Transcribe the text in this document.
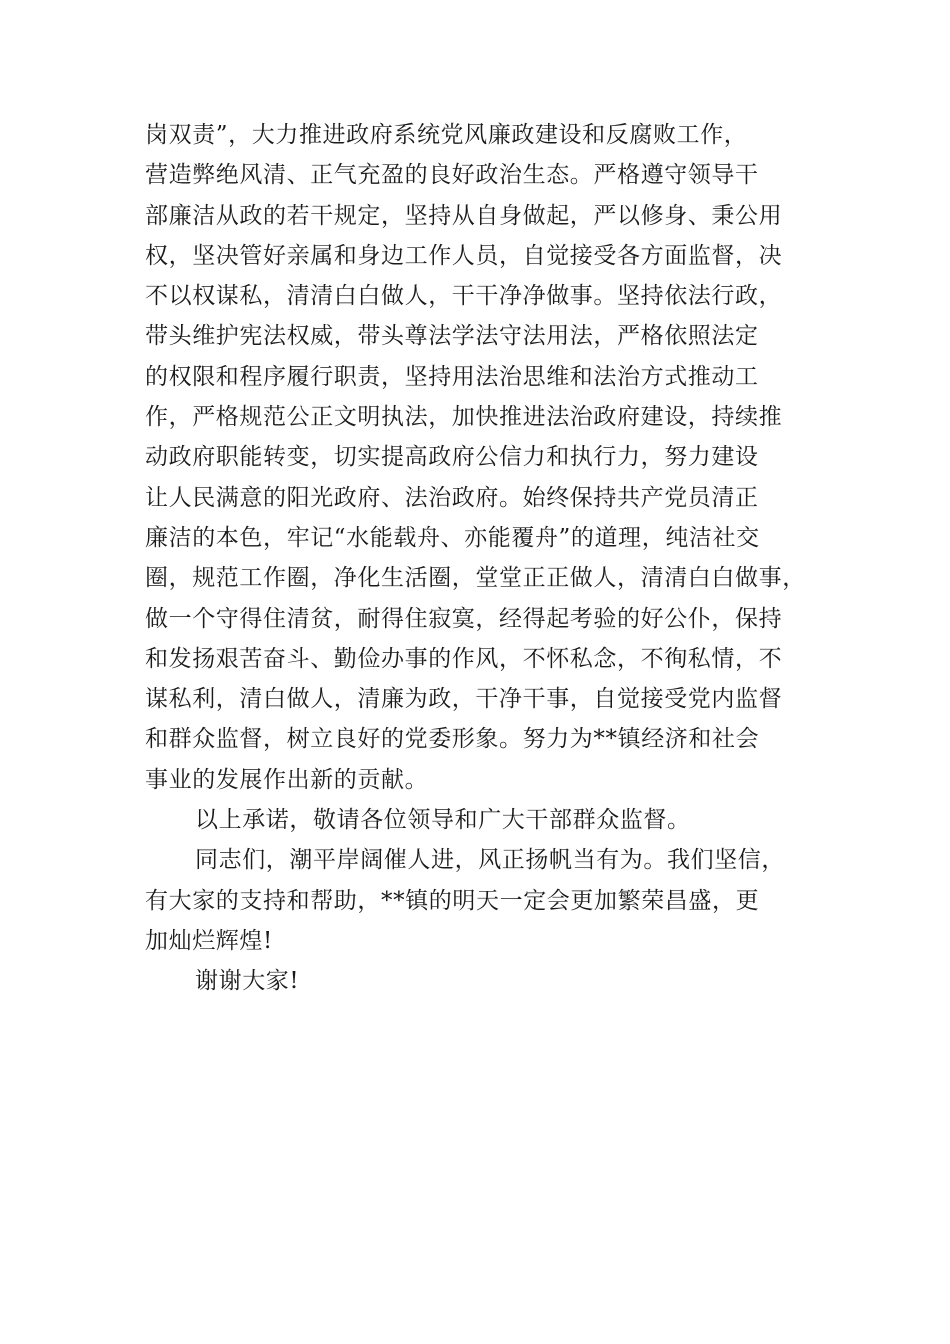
岗双责”，大力推进政府系统党风廉政建设和反腐败工作，
营造弊绝风清、正气充盈的良好政治生态。严格遵守领导干
部廉洁从政的若干规定，坚持从自身做起，严以修身、秉公用
权，坚决管好亲属和身边工作人员，自觉接受各方面监督，决
不以权谋私，清清白白做人，干干净净做事。坚持依法行政，
带头维护宪法权威，带头尊法学法守法用法，严格依照法定
的权限和程序履行职责，坚持用法治思维和法治方式推动工
作，严格规范公正文明执法，加快推进法治政府建设，持续推
动政府职能转变，切实提高政府公信力和执行力，努力建设
让人民满意的阳光政府、法治政府。始终保持共产党员清正
廉洁的本色，牢记“水能载舟、亦能覆舟”的道理，纯洁社交
圈，规范工作圈，净化生活圈，堂堂正正做人，清清白白做事，
做一个守得住清贫，耐得住寂寞，经得起考验的好公仆，保持
和发扬艰苦奋斗、勤俭办事的作风，不怀私念，不徇私情，不
谋私利，清白做人，清廉为政，干净干事，自觉接受党内监督
和群众监督，树立良好的党委形象。努力为**镇经济和社会
事业的发展作出新的贡献。
以上承诺，敬请各位领导和广大干部群众监督。
同志们，潮平岸阔催人进，风正扬帆当有为。我们坚信，
有大家的支持和帮助，**镇的明天一定会更加繁荣昌盛，更
加灿烂辉煌!
谢谢大家!
